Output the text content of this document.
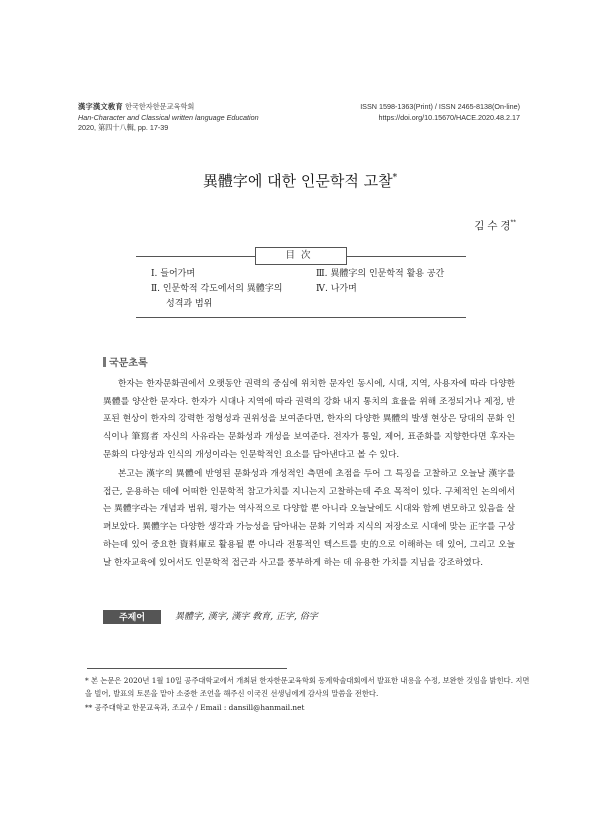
漢字漢文敎育 한국한자한문교육학회
Han-Character and Classical written language Education
2020, 第四十八輯, pp. 17-39
ISSN 1598-1363(Print) / ISSN 2465-8138(On-line)
https://doi.org/10.15670/HACE.2020.48.2.17
異體字에 대한 인문학적 고찰*
김 수 경**
Ⅰ. 들어가며
Ⅱ. 인문학적 각도에서의 異體字의
성격과 범위
Ⅲ. 異體字의 인문학적 활용 공간
Ⅳ. 나가며
目次
국문초록
한자는 한자문화권에서 오랫동안 권력의 중심에 위치한 문자인 동시에, 시대, 지역, 사용자에 따라 다양한 異體를 양산한 문자다. 한자가 시대나 지역에 따라 권력의 강화 내지 통치의 효율을 위해 조정되거나 제정, 반포된 현상이 한자의 강력한 정형성과 권위성을 보여준다면, 한자의 다양한 異體의 발생 현상은 당대의 문화 인식이나 筆寫者 자신의 사유라는 문화성과 개성을 보여준다. 전자가 통일, 제어, 표준화를 지향한다면 후자는 문화의 다양성과 인식의 개성이라는 인문학적인 요소를 담아낸다고 볼 수 있다.
본고는 漢字의 異體에 반영된 문화성과 개성적인 측면에 초점을 두어 그 특징을 고찰하고 오늘날 漢字를 접근, 운용하는 데에 어떠한 인문학적 참고가치를 지니는지 고찰하는데 주요 목적이 있다. 구체적인 논의에서는 異體字라는 개념과 범위, 평가는 역사적으로 다양할 뿐 아니라 오늘날에도 시대와 함께 변모하고 있음을 살펴보았다. 異體字는 다양한 생각과 가능성을 담아내는 문화 기억과 지식의 저장소로 시대에 맞는 正字를 구상하는데 있어 중요한 資料庫로 활용될 뿐 아니라 전통적인 텍스트를 史的으로 이해하는 데 있어, 그리고 오늘날 한자교육에 있어서도 인문학적 접근과 사고를 풍부하게 하는 데 유용한 가치를 지님을 강조하였다.
주제어	異體字, 漢字, 漢字 敎育, 正字, 俗字
* 본 논문은 2020년 1월 10일 공주대학교에서 개최된 한자한문교육학회 동계학술대회에서 발표한 내용을 수정, 보완한 것임을 밝힌다. 지면을 빌어, 발표의 토론을 맡아 소중한 조언을 해주신 이국진 선생님에게 감사의 말씀을 전한다.
** 공주대학교 한문교육과, 조교수 / Email : dansill@hanmail.net
